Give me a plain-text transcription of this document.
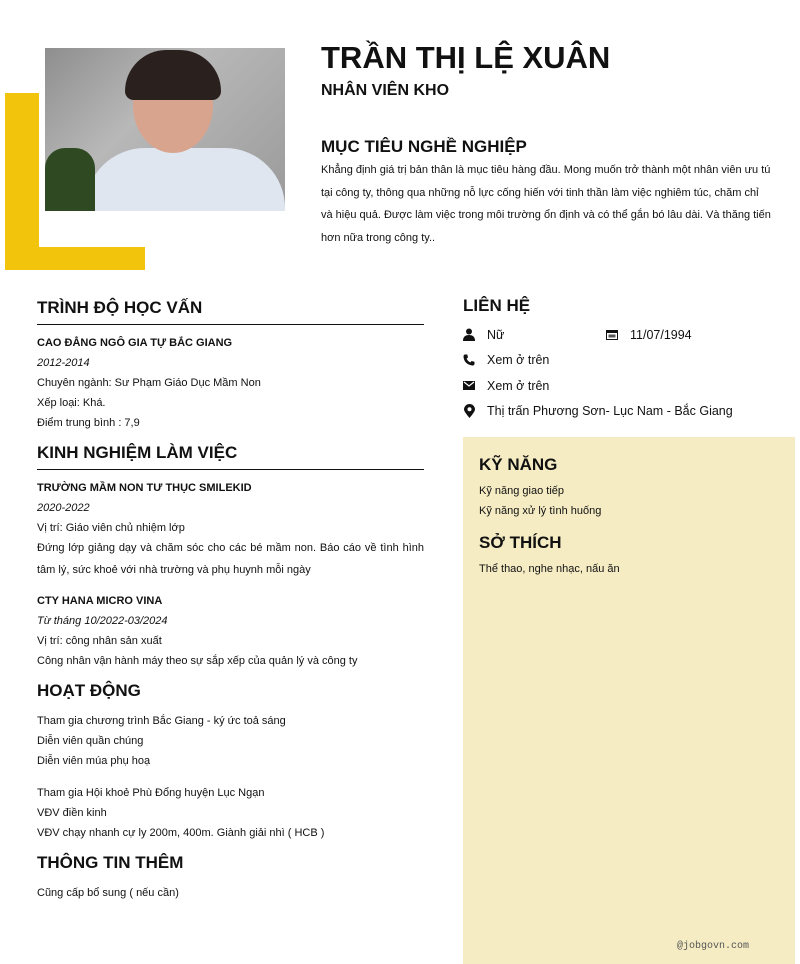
TRẦN THỊ LỆ XUÂN
NHÂN VIÊN KHO
MỤC TIÊU NGHỀ NGHIỆP

Khẳng định giá trị bản thân là mục tiêu hàng đầu. Mong muốn trở thành một nhân viên ưu tú tại công ty, thông qua những nỗ lực cống hiến với tinh thần làm việc nghiêm túc, chăm chỉ và hiệu quả. Được làm việc trong môi trường ổn định và có thể gắn bó lâu dài. Và thăng tiến hơn nữa trong công ty..

TRÌNH ĐỘ HỌC VẤN
CAO ĐẲNG NGÔ GIA TỰ BẮC GIANG
2012-2014
Chuyên ngành: Sư Phạm Giáo Dục Mầm Non
Xếp loại: Khá.
Điểm trung bình : 7,9
KINH NGHIỆM LÀM VIỆC
TRƯỜNG MẦM NON TƯ THỤC SMILEKID
2020-2022
Vị trí: Giáo viên chủ nhiệm lớp
Đứng lớp giảng dạy và chăm sóc cho các bé mầm non. Báo cáo về tình hình tâm lý, sức khoẻ với nhà trường và phụ huynh mỗi ngày
CTY HANA MICRO VINA
Từ tháng 10/2022-03/2024
Vị trí: công nhân sản xuất
Công nhân vận hành máy theo sự sắp xếp của quản lý và công ty
HOẠT ĐỘNG
Tham gia chương trình Bắc Giang - ký ức toả sáng
Diễn viên quần chúng
Diễn viên múa phụ hoạ
Tham gia Hội khoẻ Phù Đổng huyện Lục Ngạn
VĐV điền kinh
VĐV chạy nhanh cự ly 200m, 400m. Giành giải nhì ( HCB )
THÔNG TIN THÊM
Cũng cấp bổ sung ( nếu cần)
LIÊN HỆ
Nữ	11/07/1994
Xem ở trên
Xem ở trên
Thị trấn Phương Sơn- Lục Nam - Bắc Giang
KỸ NĂNG
Kỹ năng giao tiếp
Kỹ năng xử lý tình huống
SỞ THÍCH
Thể thao, nghe nhạc, nấu ăn
@jobgovn.com
